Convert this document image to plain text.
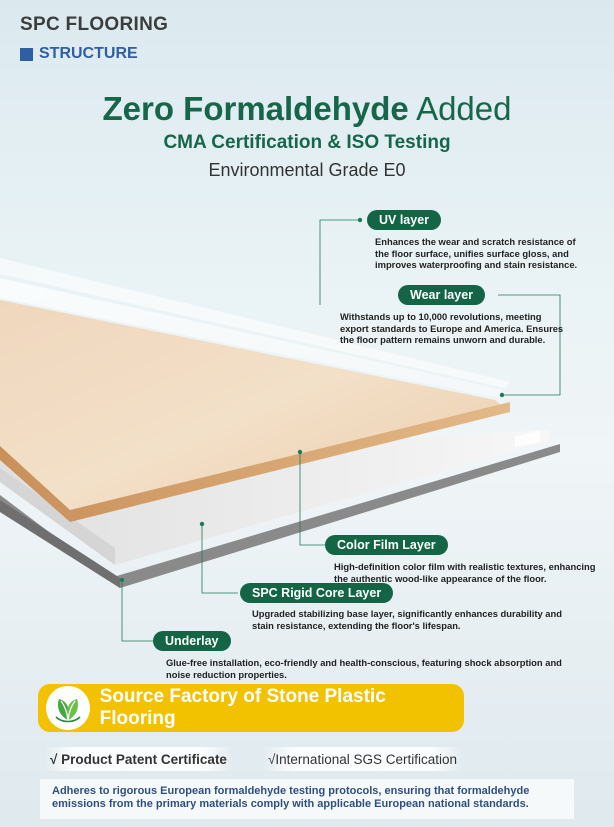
SPC FLOORING
STRUCTURE
Zero Formaldehyde Added
CMA Certification & ISO Testing
Environmental Grade E0
UV layer
Enhances the wear and scratch resistance of the floor surface, unifies surface gloss, and improves waterproofing and stain resistance.
Wear layer
Withstands up to 10,000 revolutions, meeting export standards to Europe and America. Ensures the floor pattern remains unworn and durable.
Color Film Layer
High-definition color film with realistic textures, enhancing the authentic wood-like appearance of the floor.
SPC Rigid Core Layer
Upgraded stabilizing base layer, significantly enhances durability and stain resistance, extending the floor's lifespan.
Underlay
Glue-free installation, eco-friendly and health-conscious, featuring shock absorption and noise reduction properties.
Source Factory of Stone Plastic Flooring
√ Product Patent Certificate	√International SGS Certification
Adheres to rigorous European formaldehyde testing protocols, ensuring that formaldehyde emissions from the primary materials comply with applicable European national standards.
